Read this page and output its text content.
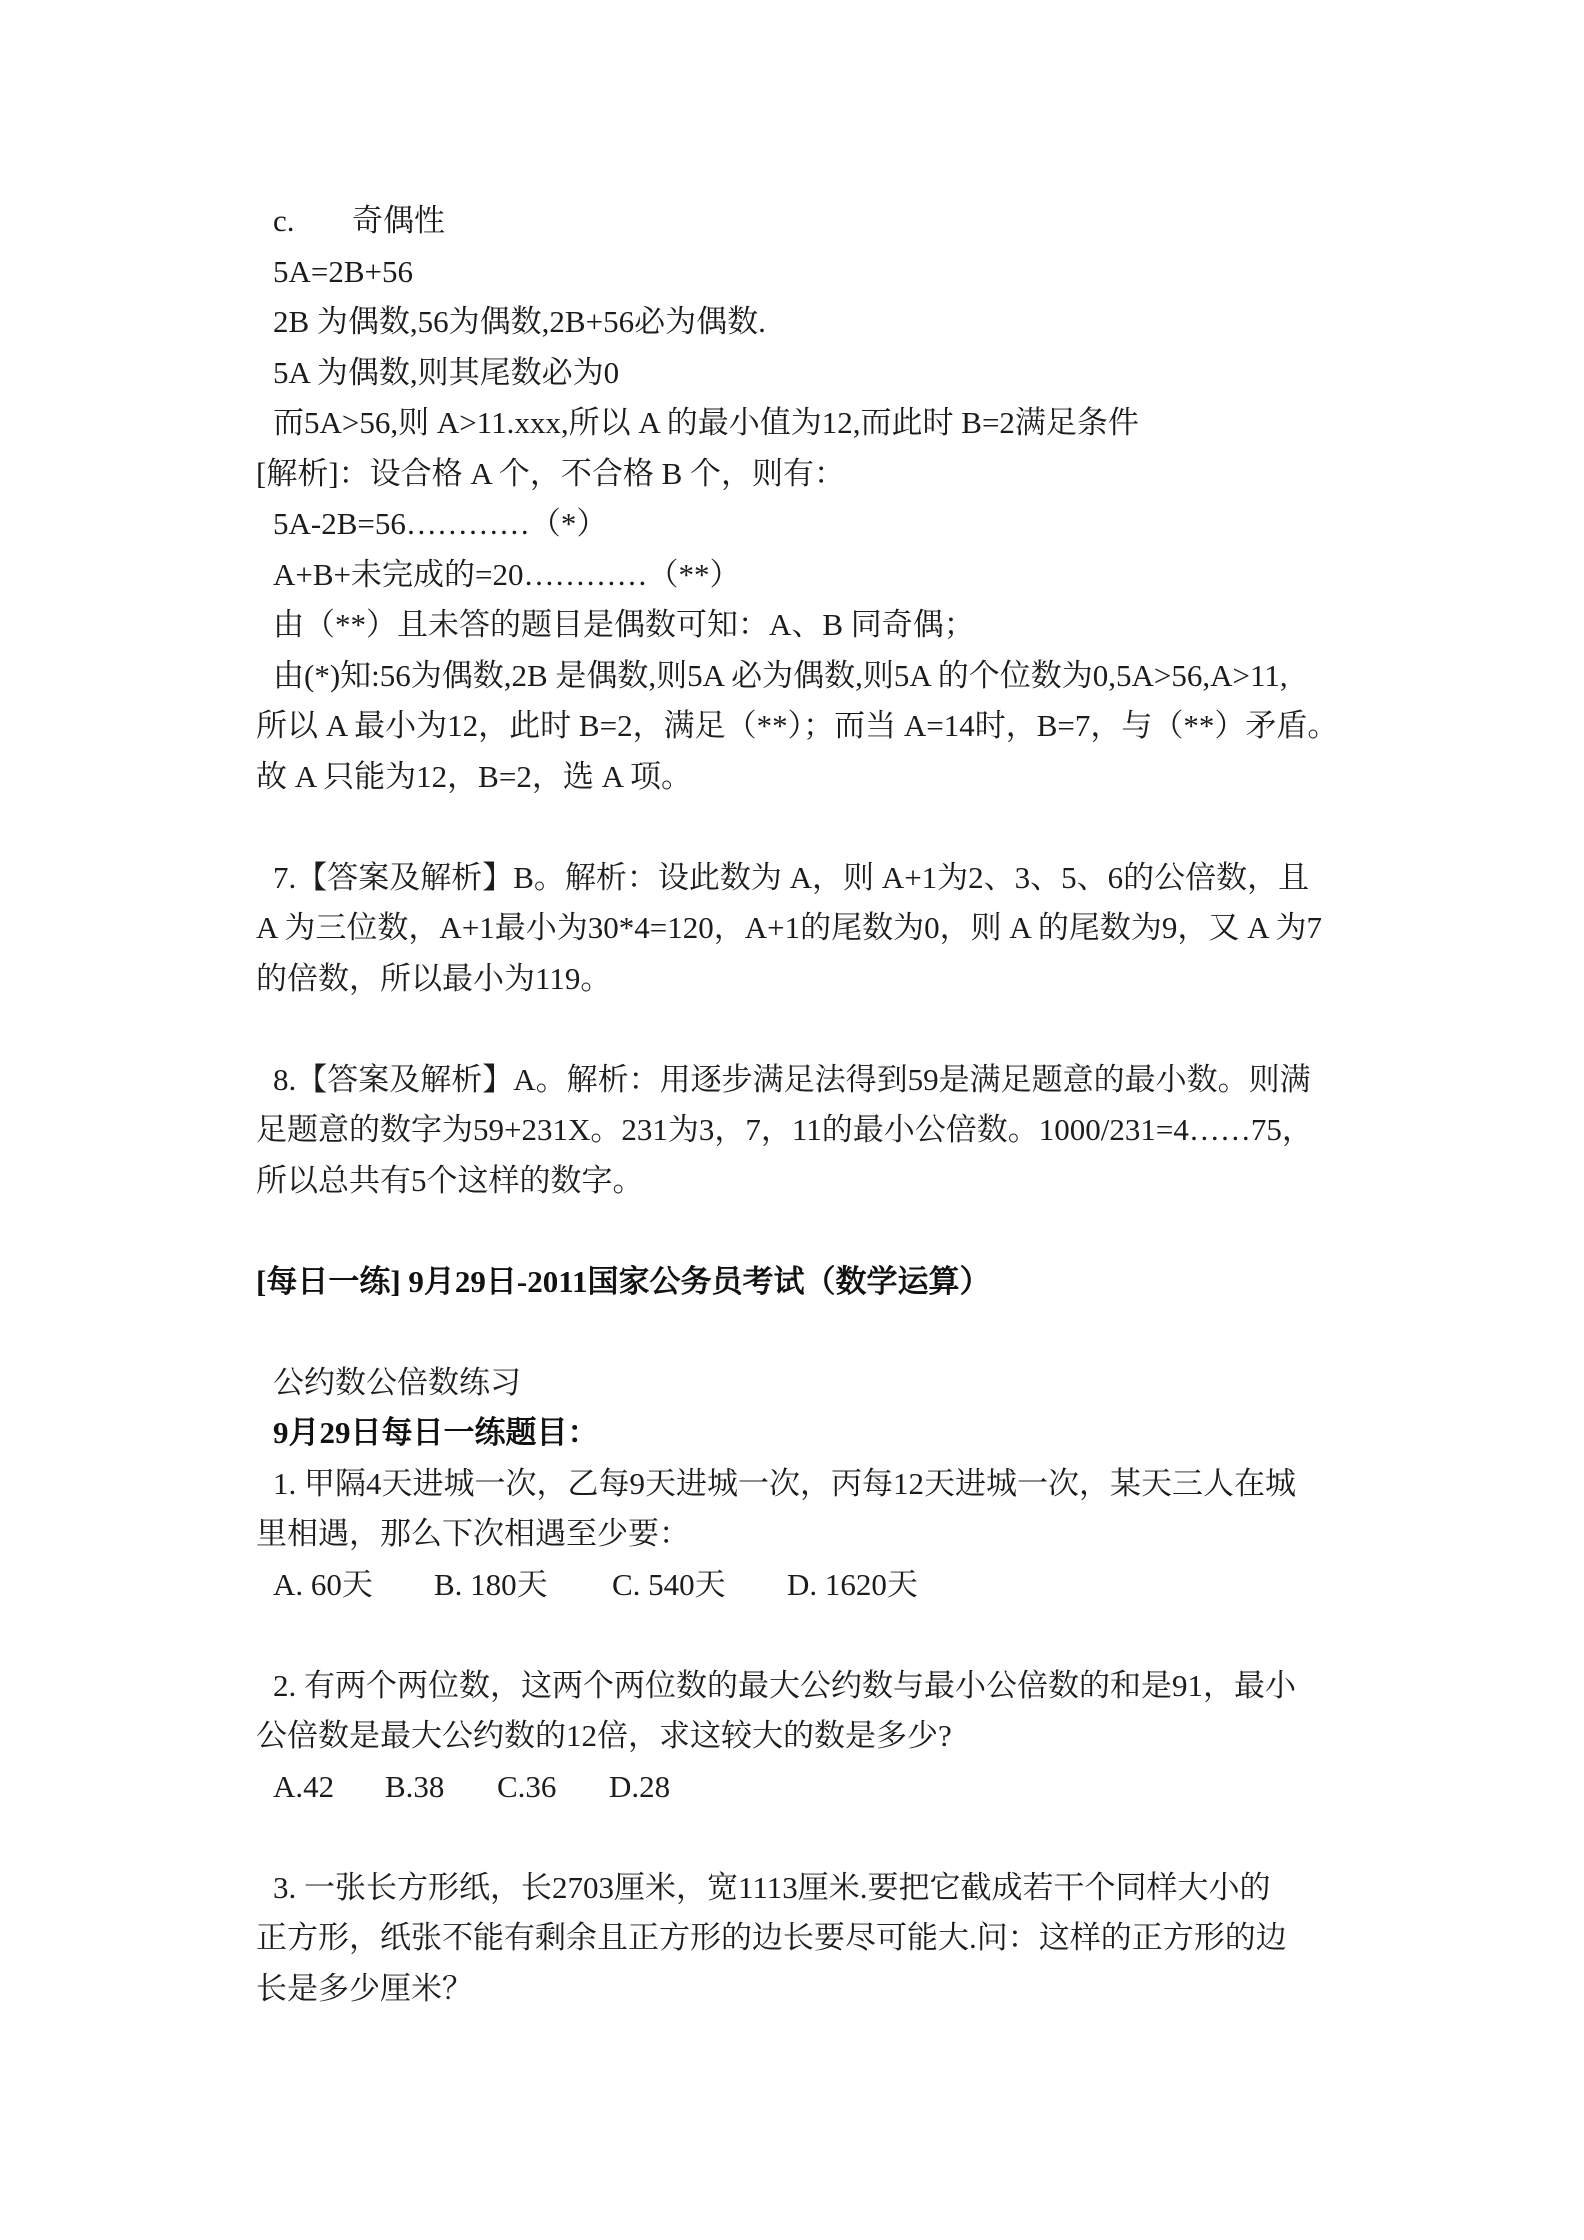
c. 奇偶性
5A=2B+56
2B 为偶数,56为偶数,2B+56必为偶数.
5A 为偶数,则其尾数必为0
而5A>56,则 A>11.xxx,所以 A 的最小值为12,而此时 B=2满足条件
[解析]：设合格 A 个，不合格 B 个，则有：
5A-2B=56…………（*）
A+B+未完成的=20…………（**）
由（**）且未答的题目是偶数可知：A、B 同奇偶；
由(*)知:56为偶数,2B 是偶数,则5A 必为偶数,则5A 的个位数为0,5A>56,A>11,
所以 A 最小为12，此时 B=2，满足（**）；而当 A=14时，B=7，与（**）矛盾。
故 A 只能为12，B=2，选 A 项。
7.【答案及解析】B。解析：设此数为 A，则 A+1为2、3、5、6的公倍数，且
A 为三位数，A+1最小为30*4=120，A+1的尾数为0，则 A 的尾数为9，又 A 为7
的倍数，所以最小为119。
8.【答案及解析】A。解析：用逐步满足法得到59是满足题意的最小数。则满
足题意的数字为59+231X。231为3，7，11的最小公倍数。1000/231=4……75，
所以总共有5个这样的数字。
[每日一练] 9月29日-2011国家公务员考试（数学运算）
公约数公倍数练习
9月29日每日一练题目：
1. 甲隔4天进城一次，乙每9天进城一次，丙每12天进城一次，某天三人在城
里相遇，那么下次相遇至少要：
A. 60天 B. 180天 C. 540天 D. 1620天
2. 有两个两位数，这两个两位数的最大公约数与最小公倍数的和是91，最小
公倍数是最大公约数的12倍，求这较大的数是多少?
A.42 B.38 C.36 D.28
3. 一张长方形纸，长2703厘米，宽1113厘米.要把它截成若干个同样大小的
正方形，纸张不能有剩余且正方形的边长要尽可能大.问：这样的正方形的边
长是多少厘米？
